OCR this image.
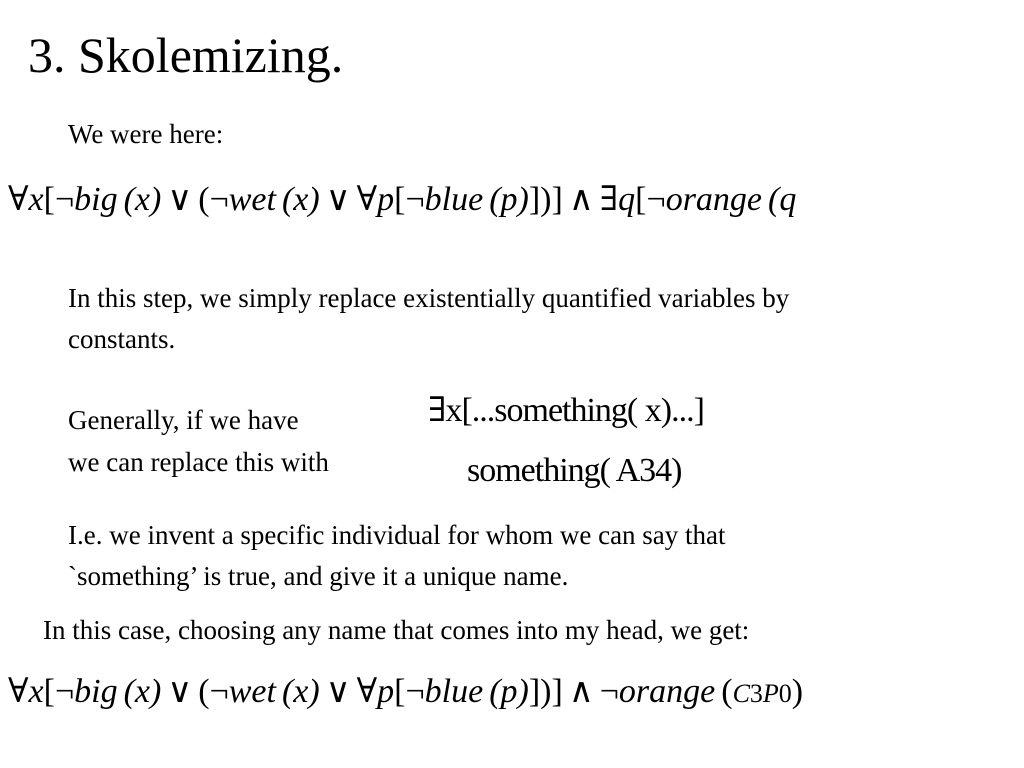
3. Skolemizing.
We were here:
∀x[¬big (x) ∨ (¬wet (x) ∨ ∀p[¬blue (p)])] ∧ ∃q[¬orange (q
In this step, we simply replace existentially quantified variables by
constants.
Generally, if we have
we can replace this with
∃x[...something( x)...]
something( A34)
I.e. we invent a specific individual for whom we can say that
`something’ is true, and give it a unique name.
In this case, choosing any name that comes into my head, we get:
∀x[¬big (x) ∨ (¬wet (x) ∨ ∀p[¬blue (p)])] ∧ ¬orange (C3P0)
